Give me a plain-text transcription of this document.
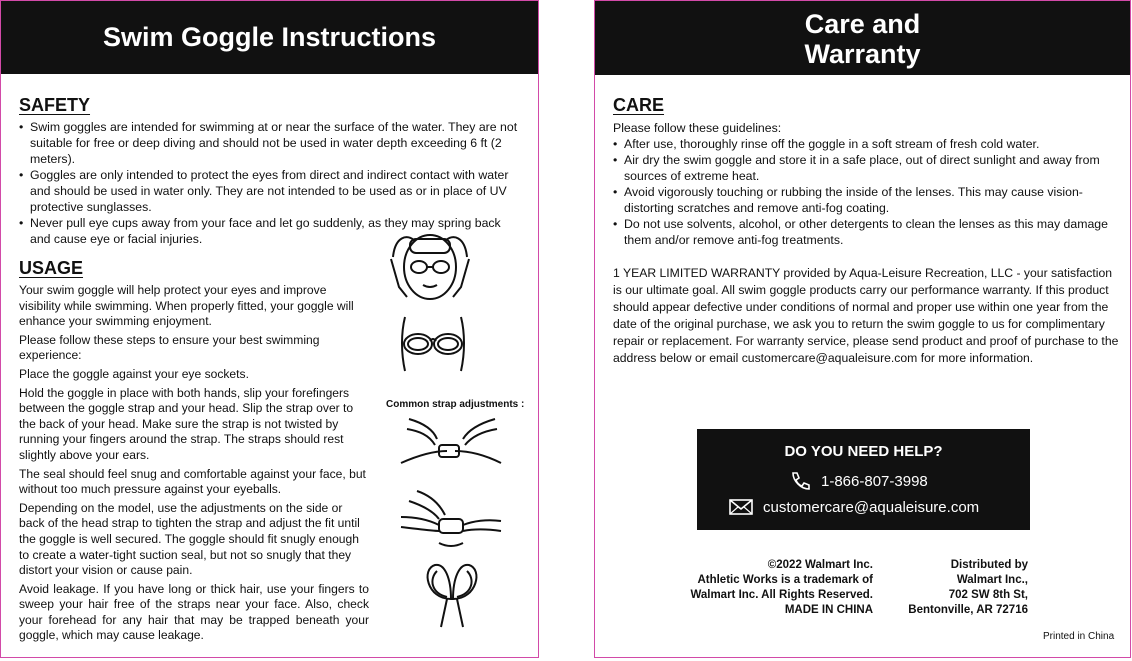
Swim Goggle Instructions
SAFETY
• Swim goggles are intended for swimming at or near the surface of the water. They are not suitable for free or deep diving and should not be used in water depth exceeding 6 ft (2 meters).
• Goggles are only intended to protect the eyes from direct and indirect contact with water and should be used in water only. They are not intended to be used as or in place of UV protective sunglasses.
• Never pull eye cups away from your face and let go suddenly, as they may spring back and cause eye or facial injuries.
USAGE

Your swim goggle will help protect your eyes and improve visibility while swimming. When properly fitted, your goggle will enhance your swimming enjoyment.

Please follow these steps to ensure your best swimming experience:

Place the goggle against your eye sockets.

Hold the goggle in place with both hands, slip your forefingers between the goggle strap and your head. Slip the strap over to the back of your head. Make sure the strap is not twisted by running your fingers around the strap. The straps should rest slightly above your ears.

The seal should feel snug and comfortable against your face, but without too much pressure against your eyeballs.

Depending on the model, use the adjustments on the side or back of the head strap to tighten the strap and adjust the fit until the goggle is well secured. The goggle should fit snugly enough to create a water-tight suction seal, but not so snugly that they distort your vision or cause pain.

Avoid leakage. If you have long or thick hair, use your fingers to sweep your hair free of the straps near your face. Also, check your forehead for any hair that may be trapped beneath your goggle, which may cause leakage.

Common strap adjustments :
Care and
Warranty
CARE
Please follow these guidelines:
• After use, thoroughly rinse off the goggle in a soft stream of fresh cold water.
• Air dry the swim goggle and store it in a safe place, out of direct sunlight and away from sources of extreme heat.
• Avoid vigorously touching or rubbing the inside of the lenses. This may cause vision-distorting scratches and remove anti-fog coating.
• Do not use solvents, alcohol, or other detergents to clean the lenses as this may damage them and/or remove anti-fog treatments.
1 YEAR LIMITED WARRANTY provided by Aqua-Leisure Recreation, LLC - your satisfaction is our ultimate goal. All swim goggle products carry our performance warranty. If this product should appear defective under conditions of normal and proper use within one year from the date of the original purchase, we ask you to return the swim goggle to us for complimentary repair or replacement. For warranty service, please send product and proof of purchase to the address below or email customercare@aqualeisure.com for more information.
DO YOU NEED HELP?
1-866-807-3998
customercare@aqualeisure.com
©2022 Walmart Inc.
Athletic Works is a trademark of
Walmart Inc. All Rights Reserved.
MADE IN CHINA
Distributed by
Walmart Inc.,
702 SW 8th St,
Bentonville, AR 72716
Printed in China
